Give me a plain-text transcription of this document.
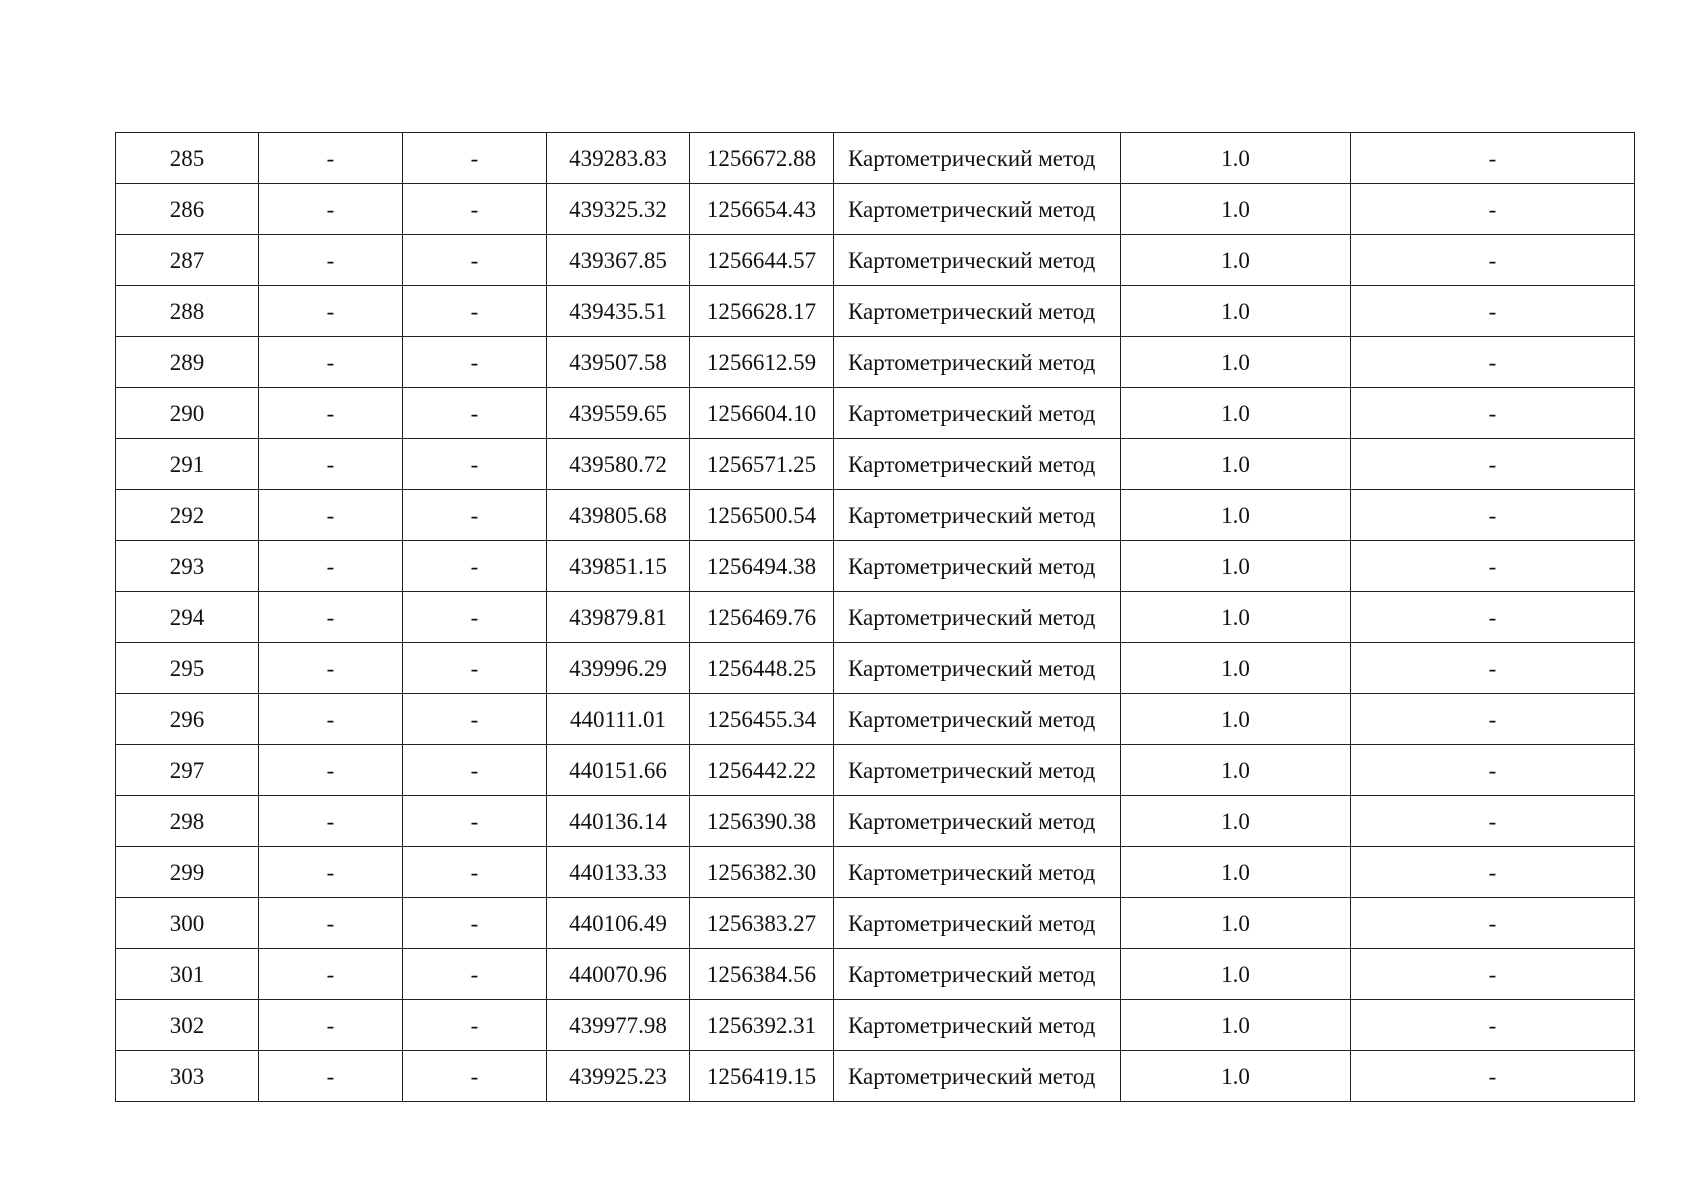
285	-	-	439283.83	1256672.88	Картометрический метод	1.0	-
286	-	-	439325.32	1256654.43	Картометрический метод	1.0	-
287	-	-	439367.85	1256644.57	Картометрический метод	1.0	-
288	-	-	439435.51	1256628.17	Картометрический метод	1.0	-
289	-	-	439507.58	1256612.59	Картометрический метод	1.0	-
290	-	-	439559.65	1256604.10	Картометрический метод	1.0	-
291	-	-	439580.72	1256571.25	Картометрический метод	1.0	-
292	-	-	439805.68	1256500.54	Картометрический метод	1.0	-
293	-	-	439851.15	1256494.38	Картометрический метод	1.0	-
294	-	-	439879.81	1256469.76	Картометрический метод	1.0	-
295	-	-	439996.29	1256448.25	Картометрический метод	1.0	-
296	-	-	440111.01	1256455.34	Картометрический метод	1.0	-
297	-	-	440151.66	1256442.22	Картометрический метод	1.0	-
298	-	-	440136.14	1256390.38	Картометрический метод	1.0	-
299	-	-	440133.33	1256382.30	Картометрический метод	1.0	-
300	-	-	440106.49	1256383.27	Картометрический метод	1.0	-
301	-	-	440070.96	1256384.56	Картометрический метод	1.0	-
302	-	-	439977.98	1256392.31	Картометрический метод	1.0	-
303	-	-	439925.23	1256419.15	Картометрический метод	1.0	-
